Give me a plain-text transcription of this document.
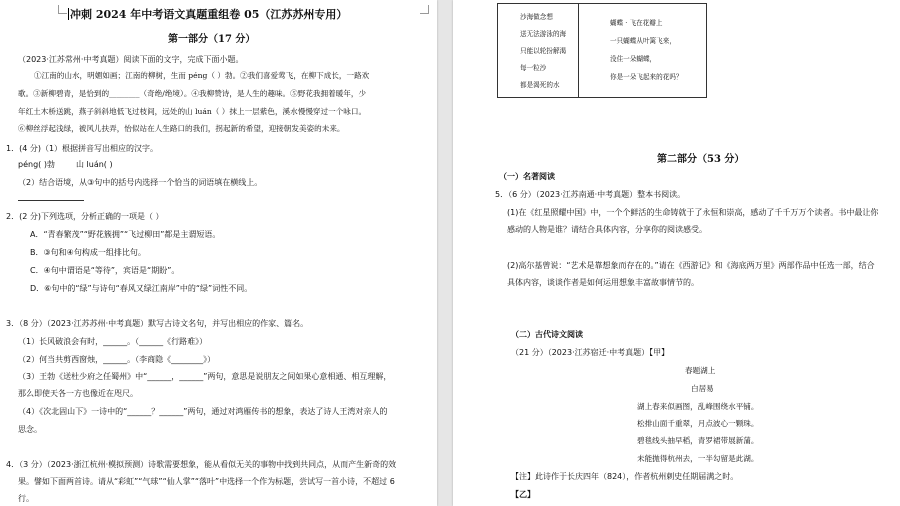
冲刺 2024 年中考语文真题重组卷 05（江苏苏州专用）
第一部分（17 分）
（2023·江苏常州·中考真题）阅读下面的文字，完成下面小题。
①江南的山水，明媚如画；江南的柳树，生而 péng（ ）勃。②我们喜爱莺飞，在柳下成长，一路欢
歌。③新柳碧青，是恰到的________（奇绝/绝境）。④我柳赞诗，是人生的趣味。⑤野花我拥着暖年，少
年红土木桥送跳，燕子斜斜地低飞过枝间，远处的山 luán（ ）抹上一层紫色，溪水慢慢穿过一个咏口。
⑥柳丝浮起浅绿，被风儿扶弄，怡似站在人生路口的我们，拐起新的希望，迎接朝发美姿的未来。
1．(4 分)（1）根据拼音写出相应的汉字。
péng( )勃	山 luán( )
（2）结合语境，从③句中的括号内选择一个恰当的词语填在横线上。
2．(2 分)下列选项，分析正确的一项是（ ）
A．“青春繁茂”“野花簇拥”“飞过柳田”都是主谓短语。
B．③句和④句构成一组排比句。
C．④句中谓语是“等待”，宾语是“期盼”。
D．⑥句中的“绿”与诗句“春风又绿江南岸”中的“绿”词性不同。
3．（8 分）（2023·江苏苏州·中考真题）默写古诗文名句，并写出相应的作家、篇名。
（1）长风破浪会有时，______。（______《行路难》）
（2）何当共剪西窗烛，______。（李商隐《________》）
（3）王勃《送杜少府之任蜀州》中“______，______”两句，意思是说朋友之间如果心意相通、相互理解，
那么即使天各一方也像近在咫尺。
（4）《次北固山下》一诗中的“______？______”两句，通过对鸿雁传书的想象，表达了诗人王湾对亲人的
思念。
4．（3 分）（2023·浙江杭州·模拟预测）诗歌需要想象，能从看似无关的事物中找到共同点，从而产生新奇的效
果。譬如下面两首诗。请从“彩虹”“气球”“仙人掌”“落叶”中选择一个作为标题，尝试写一首小诗，不超过 6
行。
沙海做念想
送无法游泳的海
只能以轮扮解渴
每一粒沙
都是渴死的水
蝴蝶 · 飞在花瓣上
一只蝴蝶从叶篱飞来，
没住一朵蝴蝶，
你是一朵飞起来的花吗？
第二部分（53 分）
（一）名著阅读
5．（6 分）（2023·江苏南通·中考真题）整本书阅读。
(1)在《红星照耀中国》中，一个个鲜活的生命铸就于了永恒和崇高，感动了千千万万个读者。书中最让你
感动的人物是谁？请结合具体内容，分享你的阅读感受。
(2)高尔基曾说：“艺术是靠想象而存在的。”请在《西游记》和《海底两万里》两部作品中任选一部，结合
具体内容，谈谈作者是如何运用想象丰富故事情节的。
（二）古代诗文阅读
（21 分）（2023·江苏宿迁·中考真题）【甲】
春题湖上
白居易
湖上春来似画图，乱峰围绕水平铺。
松排山面千重翠，月点波心一颗珠。
碧毯线头抽早稻，青罗裙带展新蒲。
未能抛得杭州去，一半勾留是此湖。
【注】此诗作于长庆四年（824），作者杭州刺史任期届满之时。
【乙】
